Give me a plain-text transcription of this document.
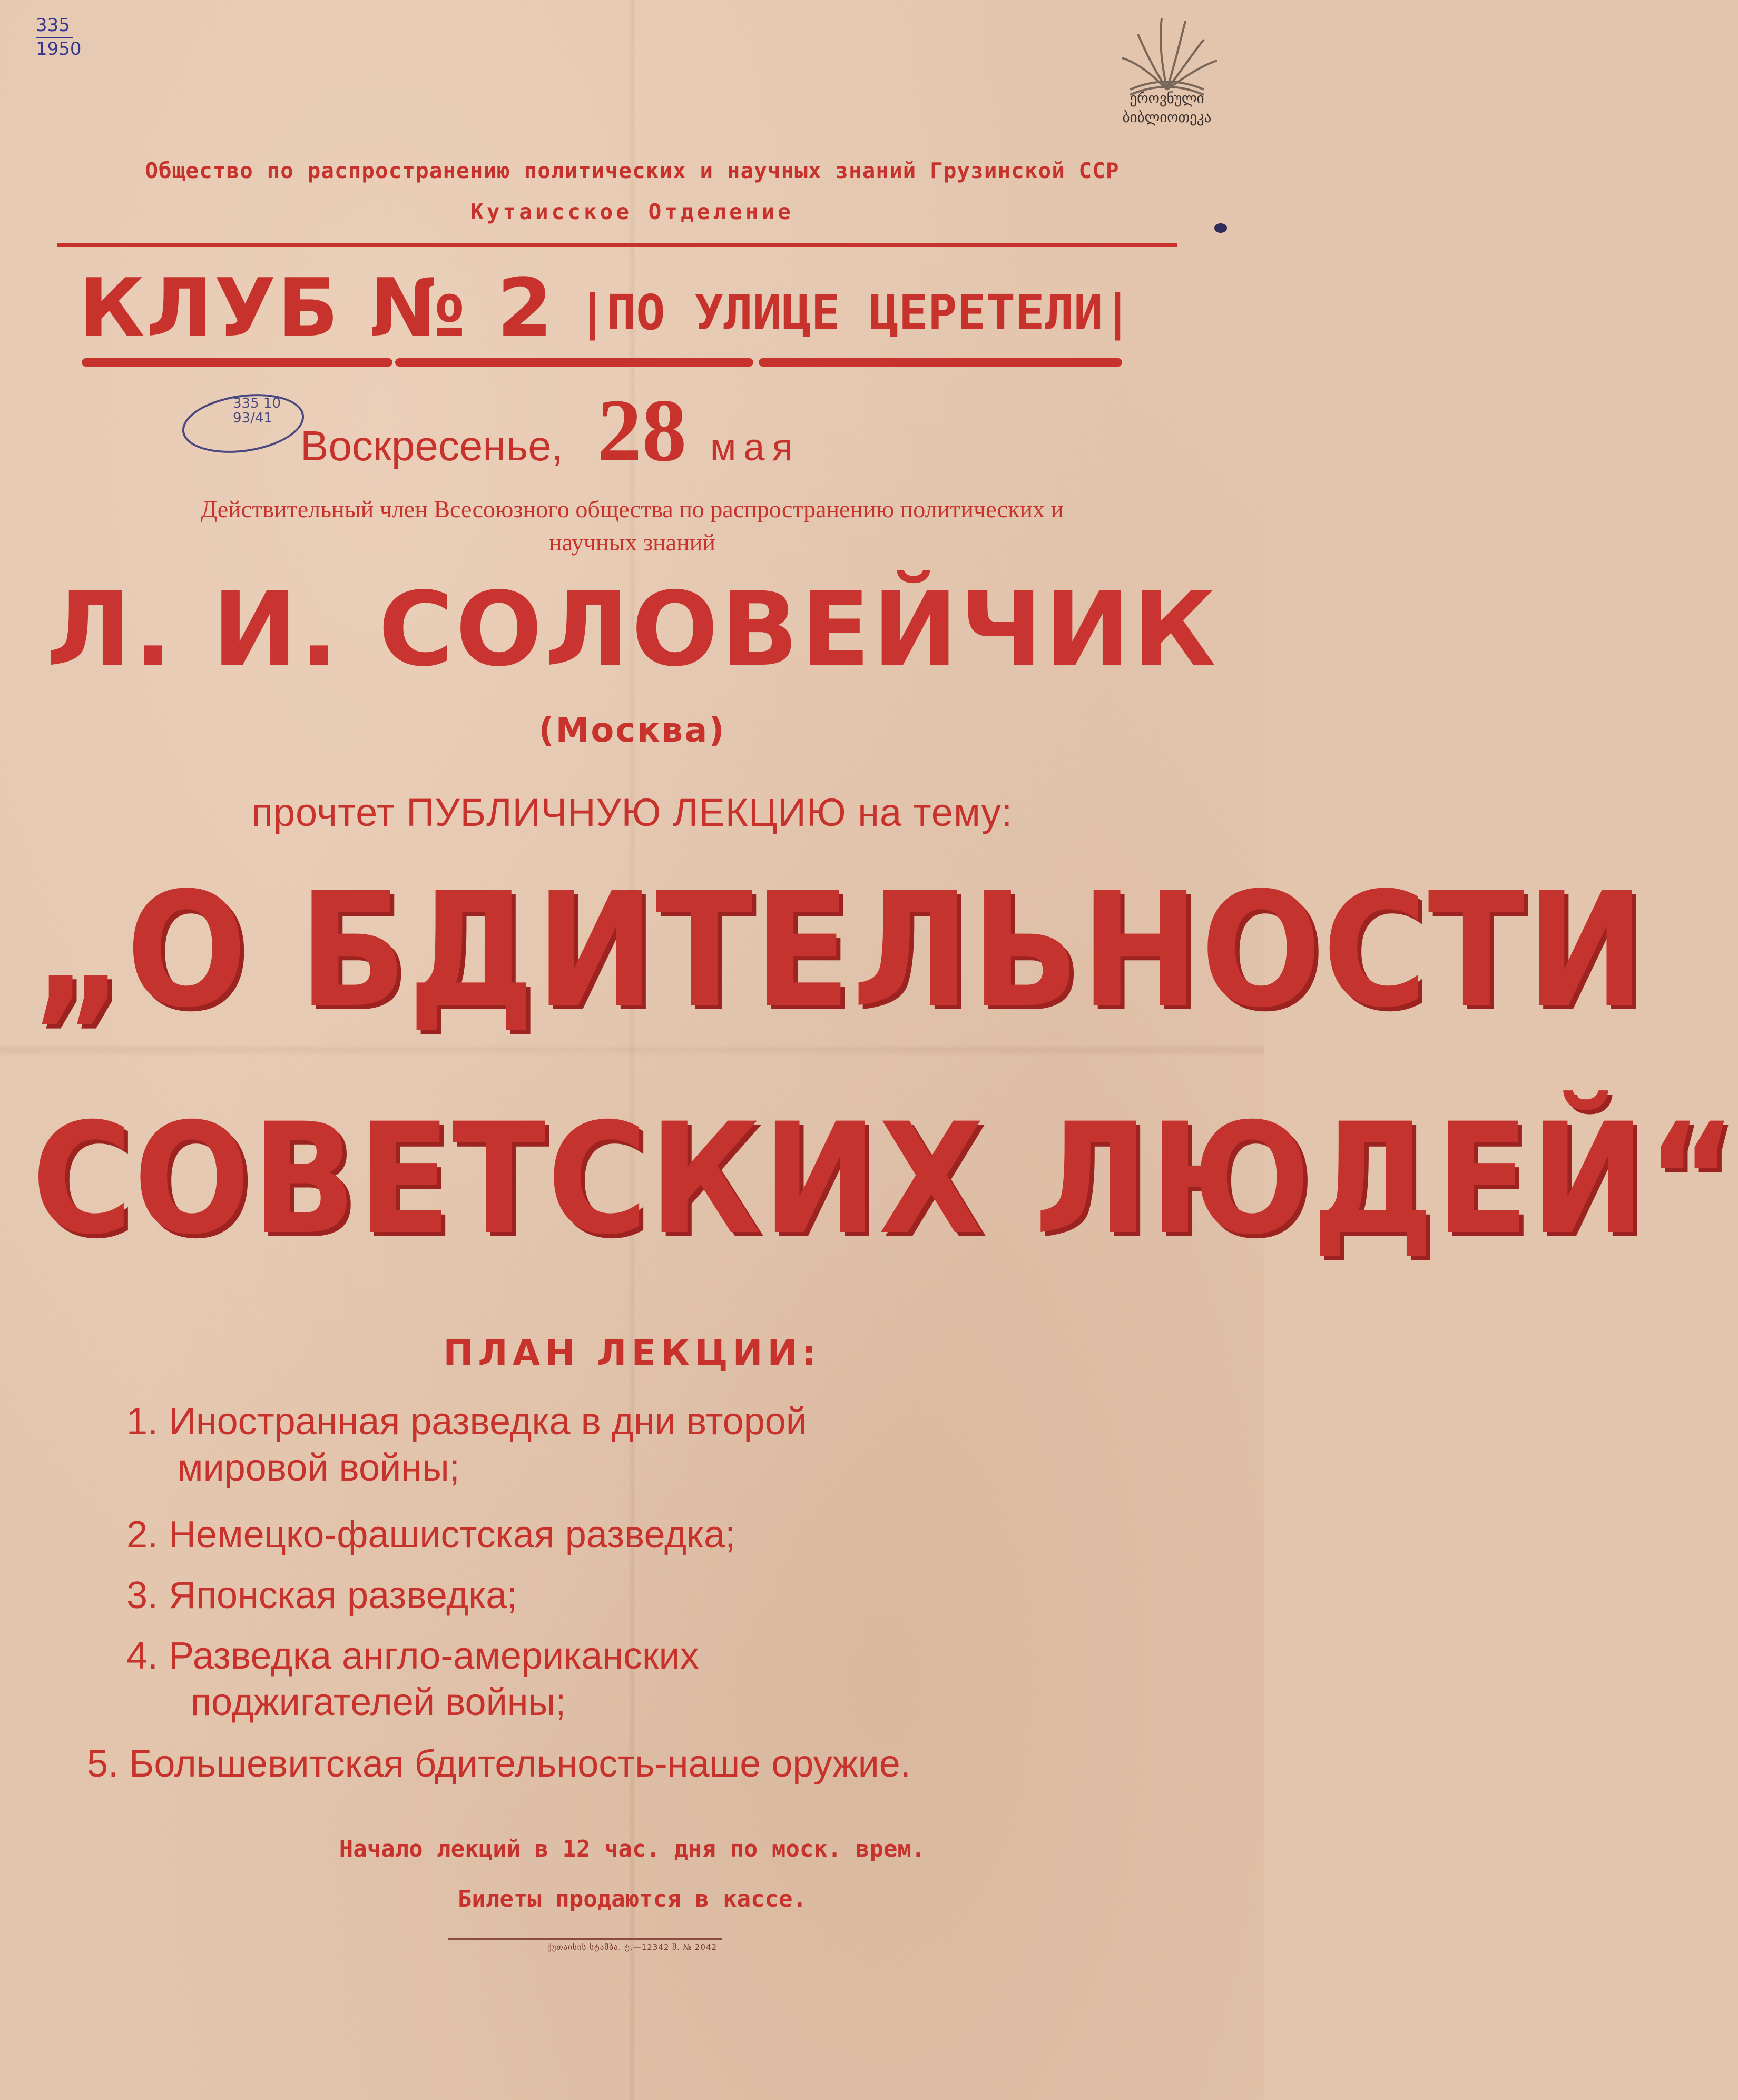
335
1950
ეროვნული
ბიბლიოთეკა
Общество по распространению политических и научных знаний Грузинской ССР
Кутаисское Отделение
КЛУБ № 2 |ПО УЛИЦЕ ЦЕРЕТЕЛИ|
335 10
93/41
Воскресенье, 28 мая
Действительный член Всесоюзного общества по распространению политических и
научных знаний
Л. И. СОЛОВЕЙЧИК
(Москва)
прочтет ПУБЛИЧНУЮ ЛЕКЦИЮ на тему:
„О БДИТЕЛЬНОСТИ
СОВЕТСКИХ ЛЮДЕЙ“
ПЛАН ЛЕКЦИИ:
1. Иностранная разведка в дни второй
мировой войны;
2. Немецко-фашистская разведка;
3. Японская разведка;
4. Разведка англо-американских
поджигателей войны;
5. Большевитская бдительность-наше оружие.
Начало лекций в 12 час. дня по моск. врем.
Билеты продаются в кассе.
ქუთაისის სტამბა. ტ.—12342 შ. № 2042
